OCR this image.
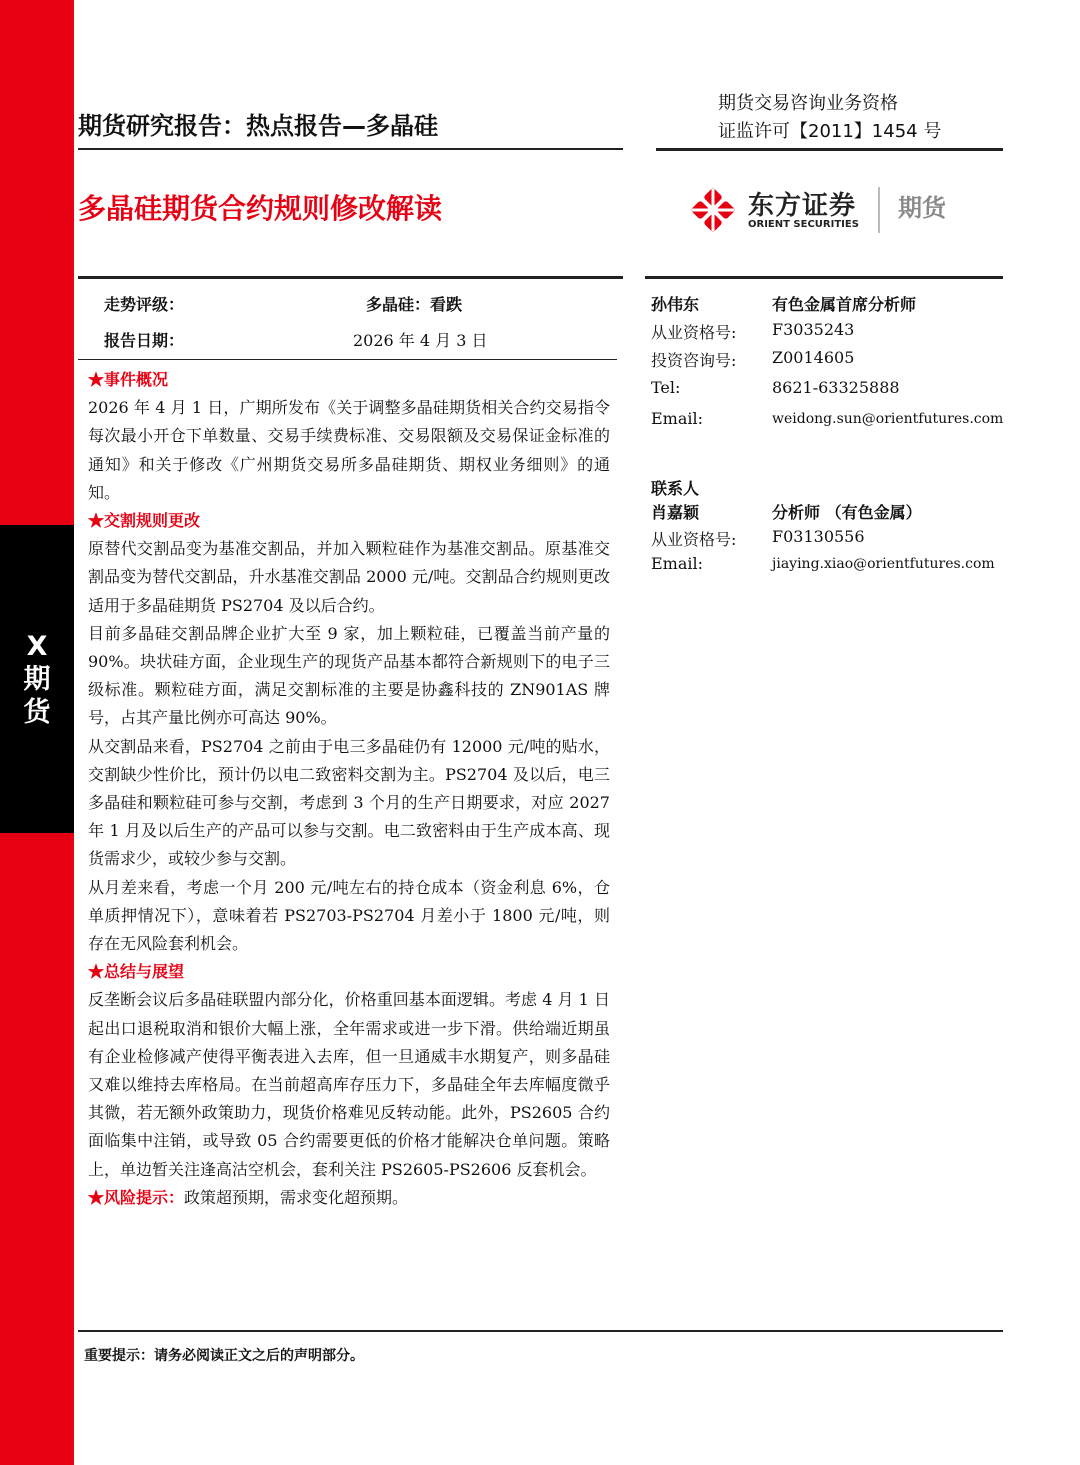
X
期
货
期货研究报告：热点报告—多晶硅
期货交易咨询业务资格
证监许可【2011】1454 号
多晶硅期货合约规则修改解读	东方证券
ORIENT SECURITIES
期货
走势评级：	多晶硅：看跌
报告日期：	2026 年 4 月 3 日
★事件概况

2026 年 4 月 1 日，广期所发布《关于调整多晶硅期货相关合约交易指令每次最小开仓下单数量、交易手续费标准、交易限额及交易保证金标准的通知》和关于修改《广州期货交易所多晶硅期货、期权业务细则》的通知。

★交割规则更改

原替代交割品变为基准交割品，并加入颗粒硅作为基准交割品。原基准交割品变为替代交割品，升水基准交割品 2000 元/吨。交割品合约规则更改适用于多晶硅期货 PS2704 及以后合约。

目前多晶硅交割品牌企业扩大至 9 家，加上颗粒硅，已覆盖当前产量的 90%。块状硅方面，企业现生产的现货产品基本都符合新规则下的电子三级标准。颗粒硅方面，满足交割标准的主要是协鑫科技的 ZN901AS 牌号，占其产量比例亦可高达 90%。

从交割品来看，PS2704 之前由于电三多晶硅仍有 12000 元/吨的贴水，交割缺少性价比，预计仍以电二致密料交割为主。PS2704 及以后，电三多晶硅和颗粒硅可参与交割，考虑到 3 个月的生产日期要求，对应 2027 年 1 月及以后生产的产品可以参与交割。电二致密料由于生产成本高、现货需求少，或较少参与交割。

从月差来看，考虑一个月 200 元/吨左右的持仓成本（资金利息 6%，仓单质押情况下），意味着若 PS2703-PS2704 月差小于 1800 元/吨，则存在无风险套利机会。

★总结与展望

反垄断会议后多晶硅联盟内部分化，价格重回基本面逻辑。考虑 4 月 1 日起出口退税取消和银价大幅上涨，全年需求或进一步下滑。供给端近期虽有企业检修减产使得平衡表进入去库，但一旦通威丰水期复产，则多晶硅又难以维持去库格局。在当前超高库存压力下，多晶硅全年去库幅度微乎其微，若无额外政策助力，现货价格难见反转动能。此外，PS2605 合约面临集中注销，或导致 05 合约需要更低的价格才能解决仓单问题。策略上，单边暂关注逢高沽空机会，套利关注 PS2605-PS2606 反套机会。

★风险提示：政策超预期，需求变化超预期。
孙伟东	有色金属首席分析师
从业资格号: F3035243
投资咨询号: Z0014605
Tel:	8621-63325888
Email:	weidong.sun@orientfutures.com
联系人
肖嘉颖	分析师 （有色金属）
从业资格号: F03130556
Email:	jiaying.xiao@orientfutures.com
重要提示：请务必阅读正文之后的声明部分。
